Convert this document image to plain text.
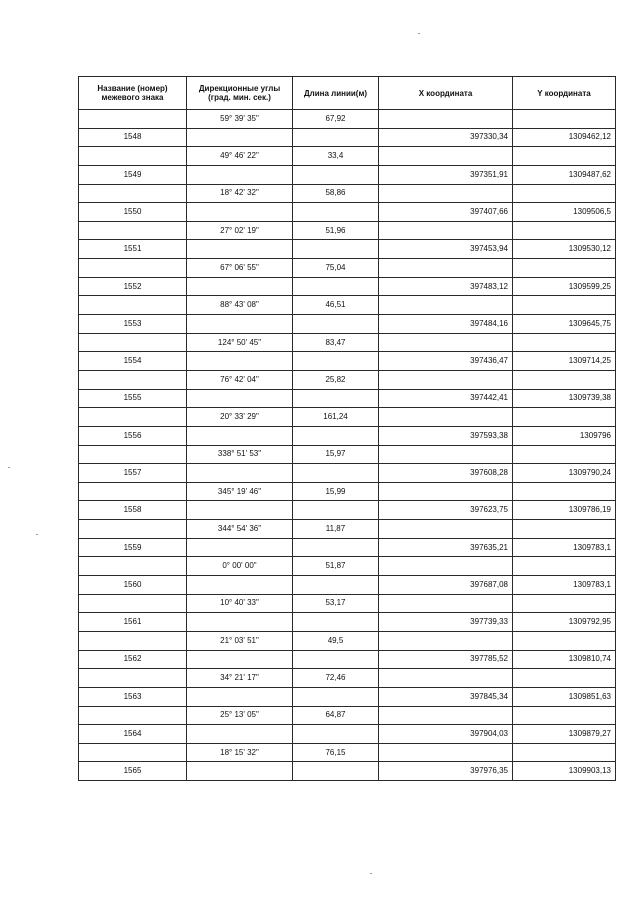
Название (номер) межевого знака	Дирекционные углы (град. мин. сек.)	Длина линии(м)	X координата	Y координата
	59° 39' 35"	67,92		
1548			397330,34	1309462,12
	49° 46' 22"	33,4		
1549			397351,91	1309487,62
	18° 42' 32"	58,86		
1550			397407,66	1309506,5
	27° 02' 19"	51,96		
1551			397453,94	1309530,12
	67° 06' 55"	75,04		
1552			397483,12	1309599,25
	88° 43' 08"	46,51		
1553			397484,16	1309645,75
	124° 50' 45"	83,47		
1554			397436,47	1309714,25
	76° 42' 04"	25,82		
1555			397442,41	1309739,38
	20° 33' 29"	161,24		
1556			397593,38	1309796
	338° 51' 53"	15,97		
1557			397608,28	1309790,24
	345° 19' 46"	15,99		
1558			397623,75	1309786,19
	344° 54' 36"	11,87		
1559			397635,21	1309783,1
	0° 00' 00"	51,87		
1560			397687,08	1309783,1
	10° 40' 33"	53,17		
1561			397739,33	1309792,95
	21° 03' 51"	49,5		
1562			397785,52	1309810,74
	34° 21' 17"	72,46		
1563			397845,34	1309851,63
	25° 13' 05"	64,87		
1564			397904,03	1309879,27
	18° 15' 32"	76,15		
1565			397976,35	1309903,13
